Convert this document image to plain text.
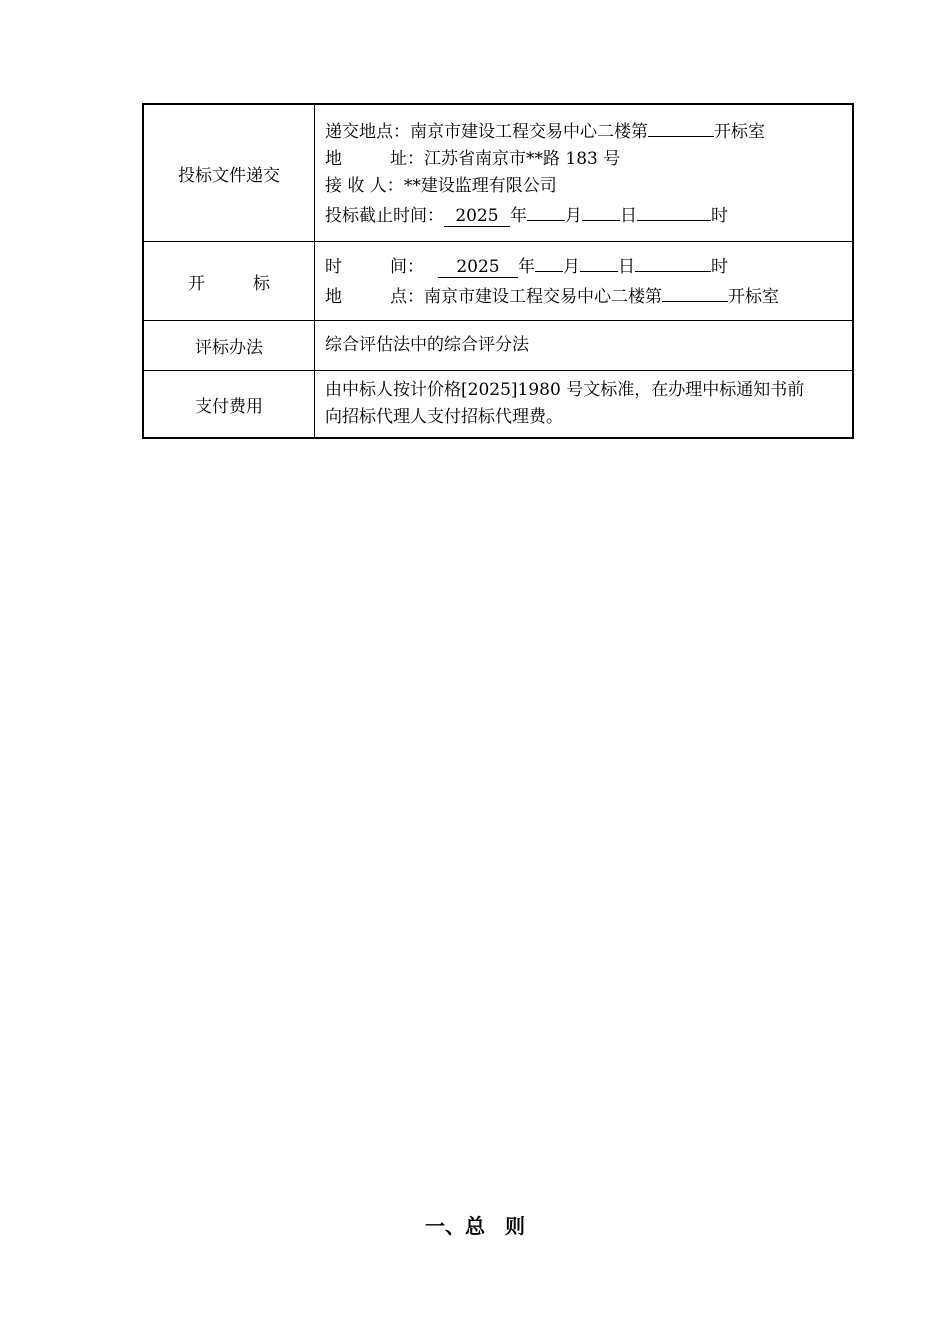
投标文件递交	递交地点：南京市建设工程交易中心二楼第 开标室
地 址：江苏省南京市**路 183 号
接 收 人：**建设监理有限公司
投标截止时间： 2025 年 月 日 时

开 标	时 间： 2025 年 月 日 时
地 点：南京市建设工程交易中心二楼第 开标室

评标办法	综合评估法中的综合评分法
支付费用	由中标人按计价格[2025]1980 号文标准，在办理中标通知书前
向招标代理人支付招标代理费。
一、总　则
